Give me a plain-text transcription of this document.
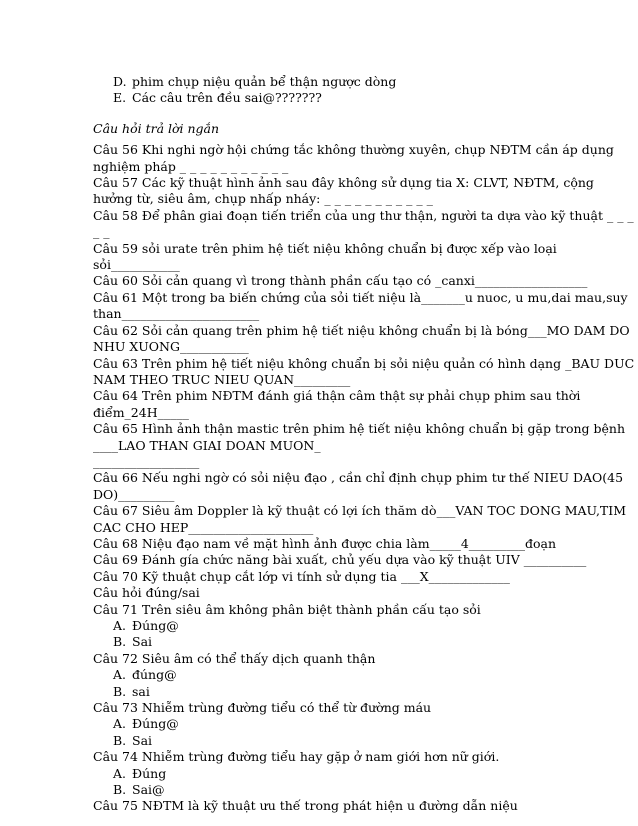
D. phim chụp niệu quản bể thận ngược dòng
E. Các câu trên đều sai@???????
Câu hỏi trả lời ngắn
Câu 56 Khi nghi ngờ hội chứng tắc không thường xuyên, chụp NĐTM cần áp dụng
nghiệm pháp _ _ _ _ _ _ _ _ _ _ _
Câu 57 Các kỹ thuật hình ảnh sau đây không sử dụng tia X: CLVT, NĐTM, cộng
hưởng từ, siêu âm, chụp nhấp nháy: _ _ _ _ _ _ _ _ _ _ _
Câu 58 Để phân giai đoạn tiến triển của ung thư thận, người ta dựa vào kỹ thuật _ _ _
_ _
Câu 59 sỏi urate trên phim hệ tiết niệu không chuẩn bị được xếp vào loại
sỏi___________
Câu 60 Sỏi cản quang vì trong thành phần cấu tạo có _canxi__________________
Câu 61 Một trong ba biến chứng của sỏi tiết niệu là_______u nuoc, u mu,dai mau,suy
than______________________
Câu 62 Sỏi cản quang trên phim hệ tiết niệu không chuẩn bị là bóng___MO DAM DO
NHU XUONG___________
Câu 63 Trên phim hệ tiết niệu không chuẩn bị sỏi niệu quản có hình dạng _BAU DUC
NAM THEO TRUC NIEU QUAN_________
Câu 64 Trên phim NĐTM đánh giá thận câm thật sự phải chụp phim sau thời
điểm_24H_____
Câu 65 Hình ảnh thận mastic trên phim hệ tiết niệu không chuẩn bị gặp trong bệnh
____LAO THAN GIAI DOAN MUON_
_________________
Câu 66 Nếu nghi ngờ có sỏi niệu đạo , cần chỉ định chụp phim tư thế NIEU DAO(45
DO)_________
Câu 67 Siêu âm Doppler là kỹ thuật có lợi ích thăm dò___VAN TOC DONG MAU,TIM
CAC CHO HEP____________________
Câu 68 Niệu đạo nam về mặt hình ảnh được chia làm_____4_________đoạn
Câu 69 Đánh gía chức năng bài xuất, chủ yếu dựa vào kỹ thuật UIV __________
Câu 70 Kỹ thuật chụp cắt lớp vi tính sử dụng tia ___X_____________
Câu hỏi đúng/sai
Câu 71 Trên siêu âm không phân biệt thành phần cấu tạo sỏi
A. Đúng@
B. Sai
Câu 72 Siêu âm có thể thấy dịch quanh thận
A. đúng@
B. sai
Câu 73 Nhiễm trùng đường tiểu có thể từ đường máu
A. Đúng@
B. Sai
Câu 74 Nhiễm trùng đường tiểu hay gặp ở nam giới hơn nữ giới.
A. Đúng
B. Sai@
Câu 75 NĐTM là kỹ thuật ưu thế trong phát hiện u đường dẫn niệu
